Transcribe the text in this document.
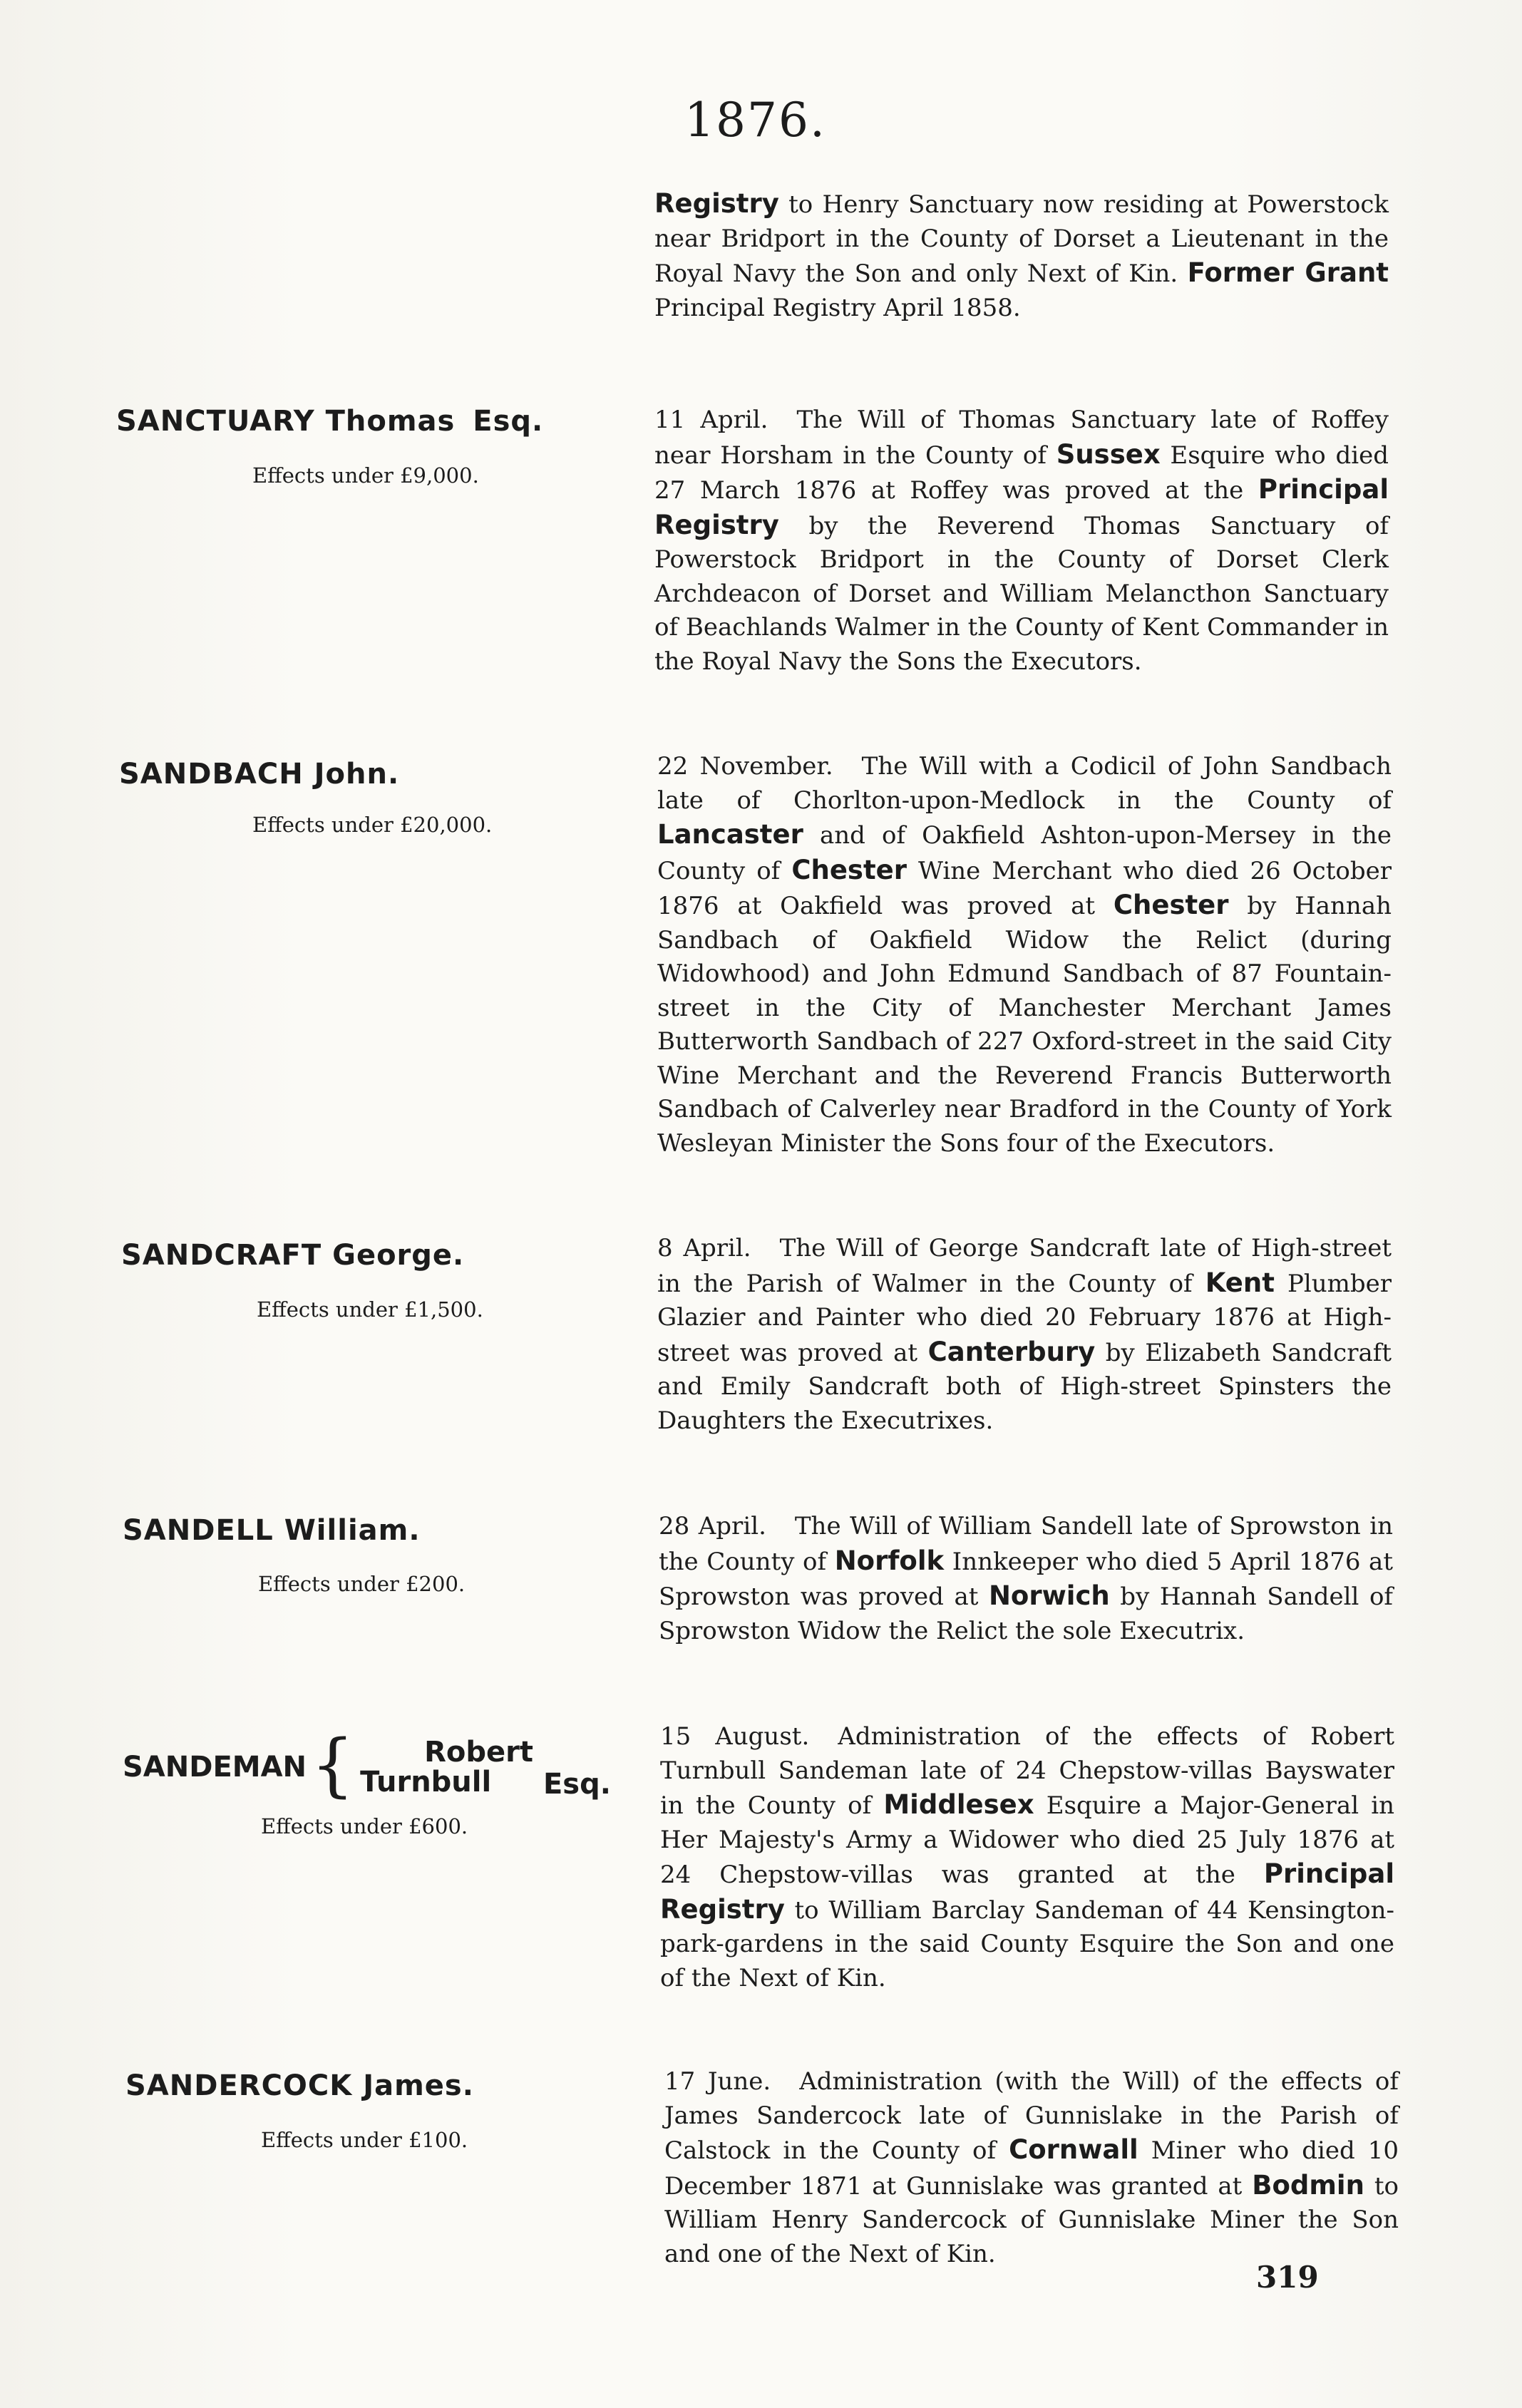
1876.
Registry to Henry Sanctuary now residing at Powerstock near Bridport in the County of Dorset a Lieutenant in the Royal Navy the Son and only Next of Kin. Former Grant Principal Registry April 1858.
SANCTUARY Thomas Esq.
Effects under £9,000.
11 April. The Will of Thomas Sanctuary late of Roffey near Horsham in the County of Sussex Esquire who died 27 March 1876 at Roffey was proved at the Principal Registry by the Reverend Thomas Sanctuary of Powerstock Bridport in the County of Dorset Clerk Archdeacon of Dorset and William Melancthon Sanctuary of Beachlands Walmer in the County of Kent Commander in the Royal Navy the Sons the Executors.
SANDBACH John.
Effects under £20,000.
22 November. The Will with a Codicil of John Sandbach late of Chorlton-upon-Medlock in the County of Lancaster and of Oakfield Ashton-upon-Mersey in the County of Chester Wine Merchant who died 26 October 1876 at Oakfield was proved at Chester by Hannah Sandbach of Oakfield Widow the Relict (during Widowhood) and John Edmund Sandbach of 87 Fountain-street in the City of Manchester Merchant James Butterworth Sandbach of 227 Oxford-street in the said City Wine Merchant and the Reverend Francis Butterworth Sandbach of Calverley near Bradford in the County of York Wesleyan Minister the Sons four of the Executors.
SANDCRAFT George.
Effects under £1,500.
8 April. The Will of George Sandcraft late of High-street in the Parish of Walmer in the County of Kent Plumber Glazier and Painter who died 20 February 1876 at High-street was proved at Canterbury by Elizabeth Sandcraft and Emily Sandcraft both of High-street Spinsters the Daughters the Executrixes.
SANDELL William.
Effects under £200.
28 April. The Will of William Sandell late of Sprowston in the County of Norfolk Innkeeper who died 5 April 1876 at Sprowston was proved at Norwich by Hannah Sandell of Sprowston Widow the Relict the sole Executrix.
SANDEMAN {	Robert
Turnbull	Esq.
Effects under £600.
15 August. Administration of the effects of Robert Turnbull Sandeman late of 24 Chepstow-villas Bayswater in the County of Middlesex Esquire a Major-General in Her Majesty's Army a Widower who died 25 July 1876 at 24 Chepstow-villas was granted at the Principal Registry to William Barclay Sandeman of 44 Kensington-park-gardens in the said County Esquire the Son and one of the Next of Kin.
SANDERCOCK James.
Effects under £100.
17 June. Administration (with the Will) of the effects of James Sandercock late of Gunnislake in the Parish of Calstock in the County of Cornwall Miner who died 10 December 1871 at Gunnislake was granted at Bodmin to William Henry Sandercock of Gunnislake Miner the Son and one of the Next of Kin.
319
